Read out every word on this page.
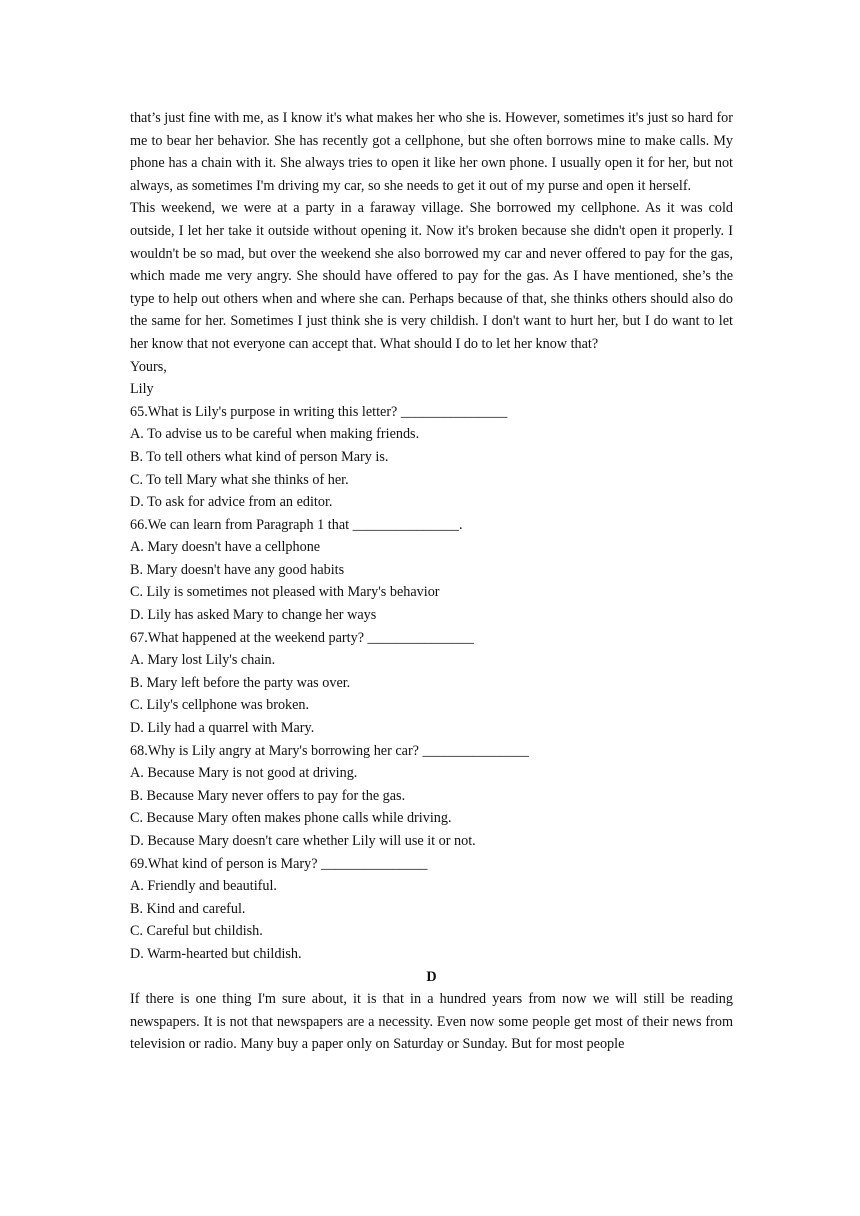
that’s just fine with me, as I know it's what makes her who she is. However, sometimes it's just so hard for me to bear her behavior. She has recently got a cellphone, but she often borrows mine to make calls. My phone has a chain with it. She always tries to open it like her own phone. I usually open it for her, but not always, as sometimes I'm driving my car, so she needs to get it out of my purse and open it herself.

This weekend, we were at a party in a faraway village. She borrowed my cellphone. As it was cold outside, I let her take it outside without opening it. Now it's broken because she didn't open it properly. I wouldn't be so mad, but over the weekend she also borrowed my car and never offered to pay for the gas, which made me very angry. She should have offered to pay for the gas. As I have mentioned, she’s the type to help out others when and where she can. Perhaps because of that, she thinks others should also do the same for her. Sometimes I just think she is very childish. I don't want to hurt her, but I do want to let her know that not everyone can accept that. What should I do to let her know that?

Yours,

Lily

65.What is Lily's purpose in writing this letter? _______________

A. To advise us to be careful when making friends.

B. To tell others what kind of person Mary is.

C. To tell Mary what she thinks of her.

D. To ask for advice from an editor.

66.We can learn from Paragraph 1 that _______________.

A. Mary doesn't have a cellphone

B. Mary doesn't have any good habits

C. Lily is sometimes not pleased with Mary's behavior

D. Lily has asked Mary to change her ways

67.What happened at the weekend party? _______________

A. Mary lost Lily's chain.

B. Mary left before the party was over.

C. Lily's cellphone was broken.

D. Lily had a quarrel with Mary.

68.Why is Lily angry at Mary's borrowing her car? _______________

A. Because Mary is not good at driving.

B. Because Mary never offers to pay for the gas.

C. Because Mary often makes phone calls while driving.

D. Because Mary doesn't care whether Lily will use it or not.

69.What kind of person is Mary? _______________

A. Friendly and beautiful.

B. Kind and careful.

C. Careful but childish.

D. Warm-hearted but childish.

D

If there is one thing I'm sure about, it is that in a hundred years from now we will still be reading newspapers. It is not that newspapers are a necessity. Even now some people get most of their news from television or radio. Many buy a paper only on Saturday or Sunday. But for most people
